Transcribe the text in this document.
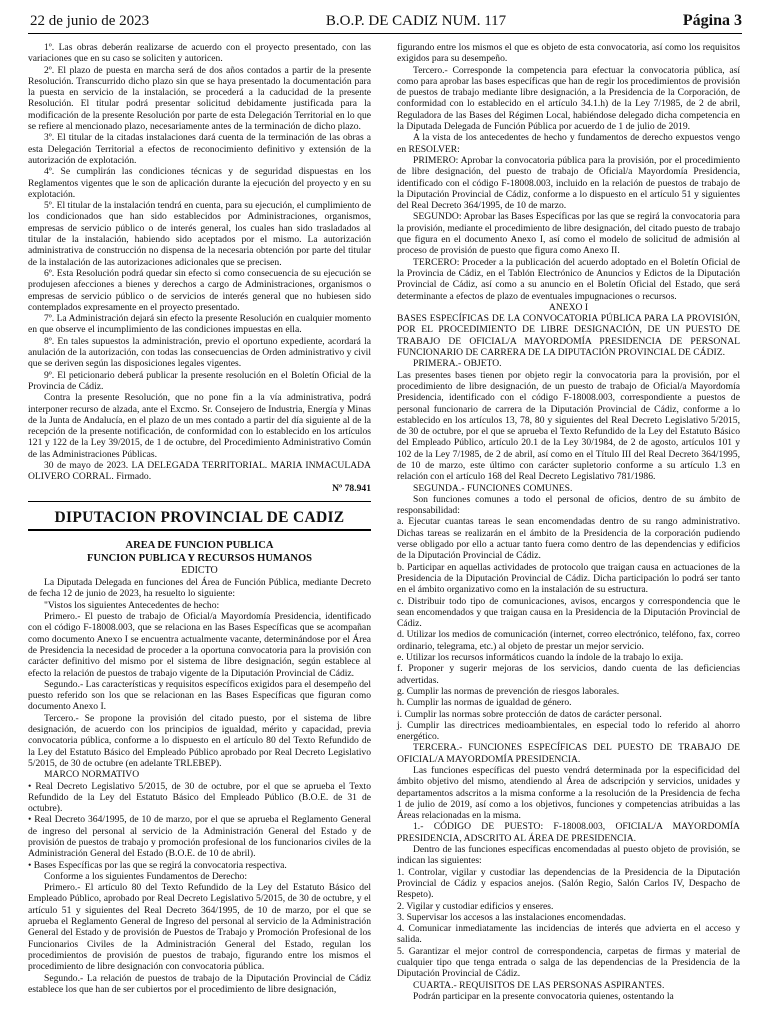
22 de junio de 2023	B.O.P. DE CADIZ NUM. 117	Página 3

1º. Las obras deberán realizarse de acuerdo con el proyecto presentado, con las variaciones que en su caso se soliciten y autoricen.

2º. El plazo de puesta en marcha será de dos años contados a partir de la presente Resolución. Transcurrido dicho plazo sin que se haya presentado la documentación para la puesta en servicio de la instalación, se procederá a la caducidad de la presente Resolución. El titular podrá presentar solicitud debidamente justificada para la modificación de la presente Resolución por parte de esta Delegación Territorial en lo que se refiere al mencionado plazo, necesariamente antes de la terminación de dicho plazo.

3º. El titular de la citadas instalaciones dará cuenta de la terminación de las obras a esta Delegación Territorial a efectos de reconocimiento definitivo y extensión de la autorización de explotación.

4º. Se cumplirán las condiciones técnicas y de seguridad dispuestas en los Reglamentos vigentes que le son de aplicación durante la ejecución del proyecto y en su explotación.

5º. El titular de la instalación tendrá en cuenta, para su ejecución, el cumplimiento de los condicionados que han sido establecidos por Administraciones, organismos, empresas de servicio público o de interés general, los cuales han sido trasladados al titular de la instalación, habiendo sido aceptados por el mismo. La autorización administrativa de construcción no dispensa de la necesaria obtención por parte del titular de la instalación de las autorizaciones adicionales que se precisen.

6º. Esta Resolución podrá quedar sin efecto si como consecuencia de su ejecución se produjesen afecciones a bienes y derechos a cargo de Administraciones, organismos o empresas de servicio público o de servicios de interés general que no hubiesen sido contemplados expresamente en el proyecto presentado.

7º. La Administración dejará sin efecto la presente Resolución en cualquier momento en que observe el incumplimiento de las condiciones impuestas en ella.

8º. En tales supuestos la administración, previo el oportuno expediente, acordará la anulación de la autorización, con todas las consecuencias de Orden administrativo y civil que se deriven según las disposiciones legales vigentes.

9º. El peticionario deberá publicar la presente resolución en el Boletín Oficial de la Provincia de Cádiz.

Contra la presente Resolución, que no pone fin a la vía administrativa, podrá interponer recurso de alzada, ante el Excmo. Sr. Consejero de Industria, Energía y Minas de la Junta de Andalucía, en el plazo de un mes contado a partir del día siguiente al de la recepción de la presente notificación, de conformidad con lo establecido en los artículos 121 y 122 de la Ley 39/2015, de 1 de octubre, del Procedimiento Administrativo Común de las Administraciones Públicas.

30 de mayo de 2023. LA DELEGADA TERRITORIAL. MARIA INMACULADA OLIVERO CORRAL. Firmado.

Nº 78.941

DIPUTACION PROVINCIAL DE CADIZ
AREA DE FUNCION PUBLICA
FUNCION PUBLICA Y RECURSOS HUMANOS
EDICTO

La Diputada Delegada en funciones del Área de Función Pública, mediante Decreto de fecha 12 de junio de 2023, ha resuelto lo siguiente:

"Vistos los siguientes Antecedentes de hecho:

Primero.- El puesto de trabajo de Oficial/a Mayordomía Presidencia, identificado con el código F-18008.003, que se relaciona en las Bases Específicas que se acompañan como documento Anexo I se encuentra actualmente vacante, determinándose por el Área de Presidencia la necesidad de proceder a la oportuna convocatoria para la provisión con carácter definitivo del mismo por el sistema de libre designación, según establece al efecto la relación de puestos de trabajo vigente de la Diputación Provincial de Cádiz.

Segundo.- Las características y requisitos específicos exigidos para el desempeño del puesto referido son los que se relacionan en las Bases Específicas que figuran como documento Anexo I.

Tercero.- Se propone la provisión del citado puesto, por el sistema de libre designación, de acuerdo con los principios de igualdad, mérito y capacidad, previa convocatoria pública, conforme a lo dispuesto en el artículo 80 del Texto Refundido de la Ley del Estatuto Básico del Empleado Público aprobado por Real Decreto Legislativo 5/2015, de 30 de octubre (en adelante TRLEBEP).

MARCO NORMATIVO

• Real Decreto Legislativo 5/2015, de 30 de octubre, por el que se aprueba el Texto Refundido de la Ley del Estatuto Básico del Empleado Público (B.O.E. de 31 de octubre).

• Real Decreto 364/1995, de 10 de marzo, por el que se aprueba el Reglamento General de ingreso del personal al servicio de la Administración General del Estado y de provisión de puestos de trabajo y promoción profesional de los funcionarios civiles de la Administración General del Estado (B.O.E. de 10 de abril).

• Bases Específicas por las que se regirá la convocatoria respectiva.

Conforme a los siguientes Fundamentos de Derecho:

Primero.- El artículo 80 del Texto Refundido de la Ley del Estatuto Básico del Empleado Público, aprobado por Real Decreto Legislativo 5/2015, de 30 de octubre, y el artículo 51 y siguientes del Real Decreto 364/1995, de 10 de marzo, por el que se aprueba el Reglamento General de Ingreso del personal al servicio de la Administración General del Estado y de provisión de Puestos de Trabajo y Promoción Profesional de los Funcionarios Civiles de la Administración General del Estado, regulan los procedimientos de provisión de puestos de trabajo, figurando entre los mismos el procedimiento de libre designación con convocatoria pública.

Segundo.- La relación de puestos de trabajo de la Diputación Provincial de Cádiz establece los que han de ser cubiertos por el procedimiento de libre designación,

figurando entre los mismos el que es objeto de esta convocatoria, así como los requisitos exigidos para su desempeño.

Tercero.- Corresponde la competencia para efectuar la convocatoria pública, así como para aprobar las bases específicas que han de regir los procedimientos de provisión de puestos de trabajo mediante libre designación, a la Presidencia de la Corporación, de conformidad con lo establecido en el artículo 34.1.h) de la Ley 7/1985, de 2 de abril, Reguladora de las Bases del Régimen Local, habiéndose delegado dicha competencia en la Diputada Delegada de Función Pública por acuerdo de 1 de julio de 2019.

A la vista de los antecedentes de hecho y fundamentos de derecho expuestos vengo en RESOLVER:

PRIMERO: Aprobar la convocatoria pública para la provisión, por el procedimiento de libre designación, del puesto de trabajo de Oficial/a Mayordomía Presidencia, identificado con el código F-18008.003, incluido en la relación de puestos de trabajo de la Diputación Provincial de Cádiz, conforme a lo dispuesto en el artículo 51 y siguientes del Real Decreto 364/1995, de 10 de marzo.

SEGUNDO: Aprobar las Bases Específicas por las que se regirá la convocatoria para la provisión, mediante el procedimiento de libre designación, del citado puesto de trabajo que figura en el documento Anexo I, así como el modelo de solicitud de admisión al proceso de provisión de puesto que figura como Anexo II.

TERCERO: Proceder a la publicación del acuerdo adoptado en el Boletín Oficial de la Provincia de Cádiz, en el Tablón Electrónico de Anuncios y Edictos de la Diputación Provincial de Cádiz, así como a su anuncio en el Boletín Oficial del Estado, que será determinante a efectos de plazo de eventuales impugnaciones o recursos.

ANEXO I

BASES ESPECÍFICAS DE LA CONVOCATORIA PÚBLICA PARA LA PROVISIÓN, POR EL PROCEDIMIENTO DE LIBRE DESIGNACIÓN, DE UN PUESTO DE TRABAJO DE OFICIAL/A MAYORDOMÍA PRESIDENCIA DE PERSONAL FUNCIONARIO DE CARRERA DE LA DIPUTACIÓN PROVINCIAL DE CÁDIZ.

PRIMERA.- OBJETO.

Las presentes bases tienen por objeto regir la convocatoria para la provisión, por el procedimiento de libre designación, de un puesto de trabajo de Oficial/a Mayordomía Presidencia, identificado con el código F-18008.003, correspondiente a puestos de personal funcionario de carrera de la Diputación Provincial de Cádiz, conforme a lo establecido en los artículos 13, 78, 80 y siguientes del Real Decreto Legislativo 5/2015, de 30 de octubre, por el que se aprueba el Texto Refundido de la Ley del Estatuto Básico del Empleado Público, artículo 20.1 de la Ley 30/1984, de 2 de agosto, artículos 101 y 102 de la Ley 7/1985, de 2 de abril, así como en el Título III del Real Decreto 364/1995, de 10 de marzo, este último con carácter supletorio conforme a su artículo 1.3 en relación con el artículo 168 del Real Decreto Legislativo 781/1986.

SEGUNDA.- FUNCIONES COMUNES.

Son funciones comunes a todo el personal de oficios, dentro de su ámbito de responsabilidad:

a. Ejecutar cuantas tareas le sean encomendadas dentro de su rango administrativo. Dichas tareas se realizarán en el ámbito de la Presidencia de la corporación pudiendo verse obligado por ello a actuar tanto fuera como dentro de las dependencias y edificios de la Diputación Provincial de Cádiz.

b. Participar en aquellas actividades de protocolo que traigan causa en actuaciones de la Presidencia de la Diputación Provincial de Cádiz. Dicha participación lo podrá ser tanto en el ámbito organizativo como en la instalación de su estructura.

c. Distribuir todo tipo de comunicaciones, avisos, encargos y correspondencia que le sean encomendados y que traigan causa en la Presidencia de la Diputación Provincial de Cádiz.

d. Utilizar los medios de comunicación (internet, correo electrónico, teléfono, fax, correo ordinario, telegrama, etc.) al objeto de prestar un mejor servicio.

e. Utilizar los recursos informáticos cuando la índole de la trabajo lo exija.

f. Proponer y sugerir mejoras de los servicios, dando cuenta de las deficiencias advertidas.

g. Cumplir las normas de prevención de riesgos laborales.

h. Cumplir las normas de igualdad de género.

i. Cumplir las normas sobre protección de datos de carácter personal.

j. Cumplir las directrices medioambientales, en especial todo lo referido al ahorro energético.

TERCERA.- FUNCIONES ESPECÍFICAS DEL PUESTO DE TRABAJO DE OFICIAL/A MAYORDOMÍA PRESIDENCIA.

Las funciones específicas del puesto vendrá determinada por la especificidad del ámbito objetivo del mismo, atendiendo al Área de adscripción y servicios, unidades y departamentos adscritos a la misma conforme a la resolución de la Presidencia de fecha 1 de julio de 2019, así como a los objetivos, funciones y competencias atribuidas a las Áreas relacionadas en la misma.

1.- CÓDIGO DE PUESTO: F-18008.003, OFICIAL/A MAYORDOMÍA PRESIDENCIA, ADSCRITO AL ÁREA DE PRESIDENCIA.

Dentro de las funciones específicas encomendadas al puesto objeto de provisión, se indican las siguientes:

1. Controlar, vigilar y custodiar las dependencias de la Presidencia de la Diputación Provincial de Cádiz y espacios anejos. (Salón Regio, Salón Carlos IV, Despacho de Respeto).

2. Vigilar y custodiar edificios y enseres.

3. Supervisar los accesos a las instalaciones encomendadas.

4. Comunicar inmediatamente las incidencias de interés que advierta en el acceso y salida.

5. Garantizar el mejor control de correspondencia, carpetas de firmas y material de cualquier tipo que tenga entrada o salga de las dependencias de la Presidencia de la Diputación Provincial de Cádiz.

CUARTA.- REQUISITOS DE LAS PERSONAS ASPIRANTES.

Podrán participar en la presente convocatoria quienes, ostentando la
